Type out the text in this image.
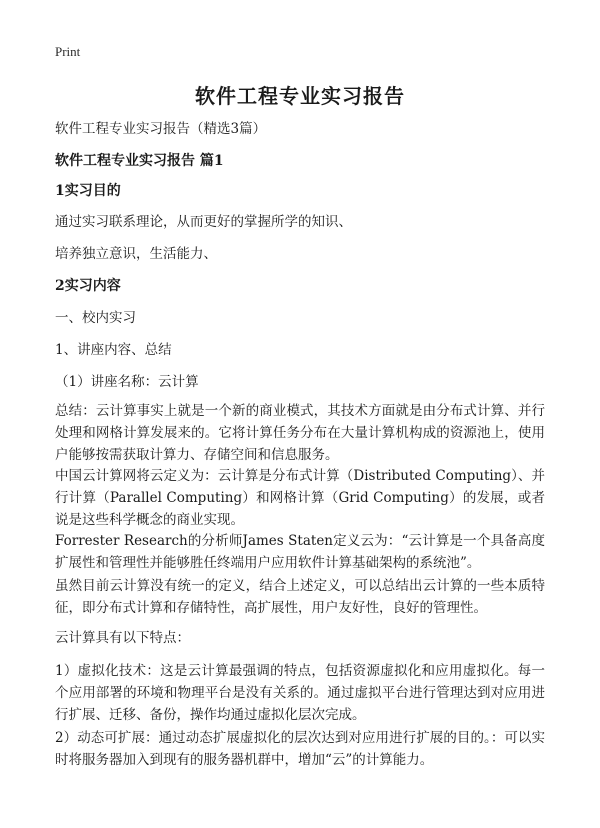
Print
软件工程专业实习报告

软件工程专业实习报告（精选3篇）

软件工程专业实习报告 篇1

1实习目的

通过实习联系理论，从而更好的掌握所学的知识、

培养独立意识，生活能力、

2实习内容

一、校内实习

1、讲座内容、总结

（1）讲座名称：云计算

总结：云计算事实上就是一个新的商业模式，其技术方面就是由分布式计算、并行处理和网格计算发展来的。它将计算任务分布在大量计算机构成的资源池上，使用户能够按需获取计算力、存储空间和信息服务。

中国云计算网将云定义为：云计算是分布式计算（Distributed Computing）、并行计算（Parallel Computing）和网格计算（Grid Computing）的发展，或者说是这些科学概念的商业实现。

Forrester Research的分析师James Staten定义云为：“云计算是一个具备高度扩展性和管理性并能够胜任终端用户应用软件计算基础架构的系统池”。

虽然目前云计算没有统一的定义，结合上述定义，可以总结出云计算的一些本质特征，即分布式计算和存储特性，高扩展性，用户友好性，良好的管理性。

云计算具有以下特点：

1）虚拟化技术：这是云计算最强调的特点，包括资源虚拟化和应用虚拟化。每一个应用部署的环境和物理平台是没有关系的。通过虚拟平台进行管理达到对应用进行扩展、迁移、备份，操作均通过虚拟化层次完成。

2）动态可扩展：通过动态扩展虚拟化的层次达到对应用进行扩展的目的。：可以实时将服务器加入到现有的服务器机群中，增加“云”的计算能力。
